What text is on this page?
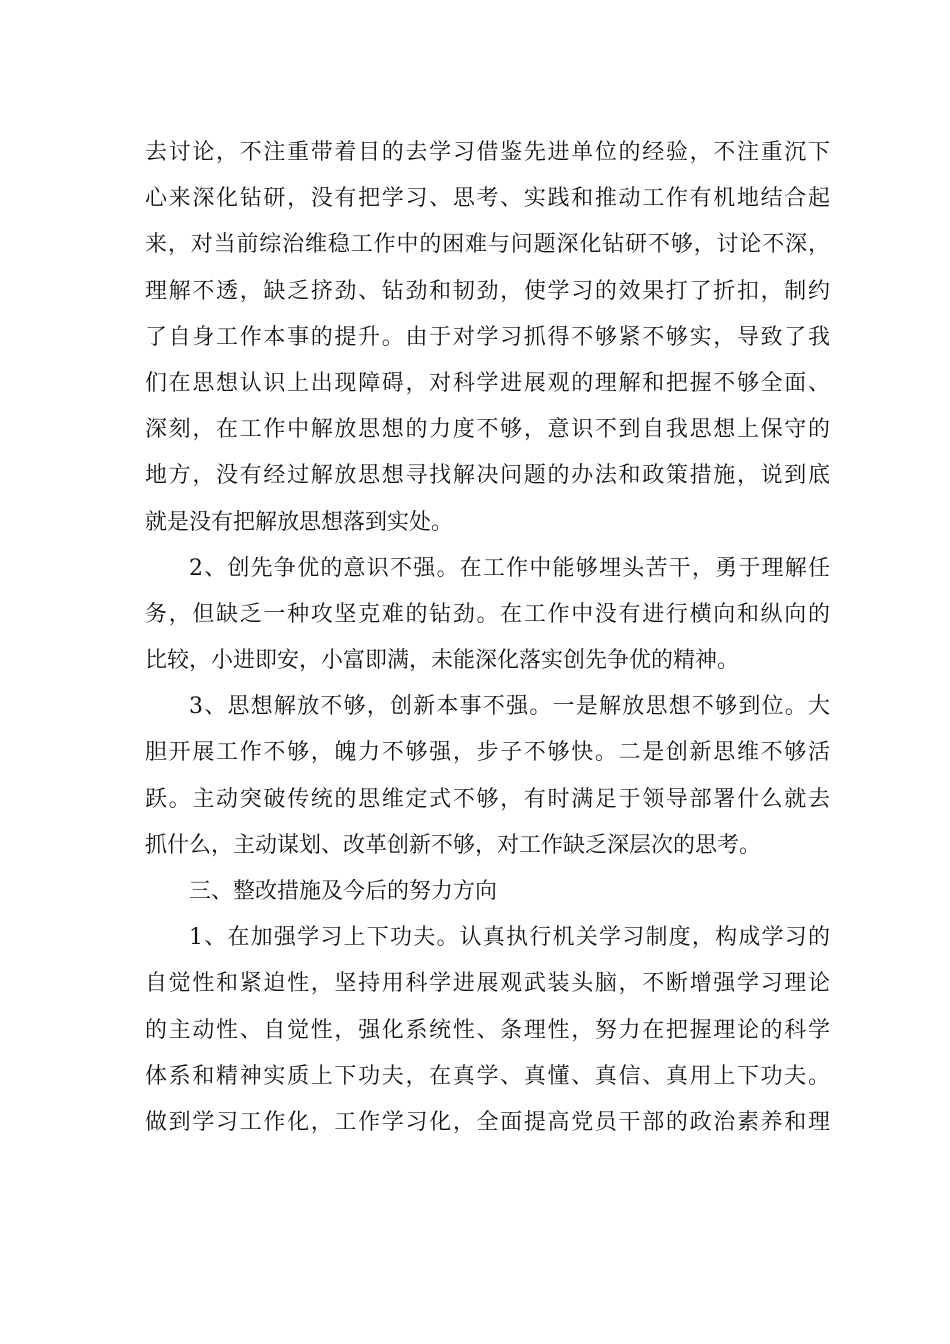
去讨论，不注重带着目的去学习借鉴先进单位的经验，不注重沉下
心来深化钻研，没有把学习、思考、实践和推动工作有机地结合起
来，对当前综治维稳工作中的困难与问题深化钻研不够，讨论不深，
理解不透，缺乏挤劲、钻劲和韧劲，使学习的效果打了折扣，制约
了自身工作本事的提升。由于对学习抓得不够紧不够实，导致了我
们在思想认识上出现障碍，对科学进展观的理解和把握不够全面、
深刻，在工作中解放思想的力度不够，意识不到自我思想上保守的
地方，没有经过解放思想寻找解决问题的办法和政策措施，说到底
就是没有把解放思想落到实处。
2、创先争优的意识不强。在工作中能够埋头苦干，勇于理解任
务，但缺乏一种攻坚克难的钻劲。在工作中没有进行横向和纵向的
比较，小进即安，小富即满，未能深化落实创先争优的精神。
3、思想解放不够，创新本事不强。一是解放思想不够到位。大
胆开展工作不够，魄力不够强，步子不够快。二是创新思维不够活
跃。主动突破传统的思维定式不够，有时满足于领导部署什么就去
抓什么，主动谋划、改革创新不够，对工作缺乏深层次的思考。
三、整改措施及今后的努力方向
1、在加强学习上下功夫。认真执行机关学习制度，构成学习的
自觉性和紧迫性，坚持用科学进展观武装头脑，不断增强学习理论
的主动性、自觉性，强化系统性、条理性，努力在把握理论的科学
体系和精神实质上下功夫，在真学、真懂、真信、真用上下功夫。
做到学习工作化，工作学习化，全面提高党员干部的政治素养和理
